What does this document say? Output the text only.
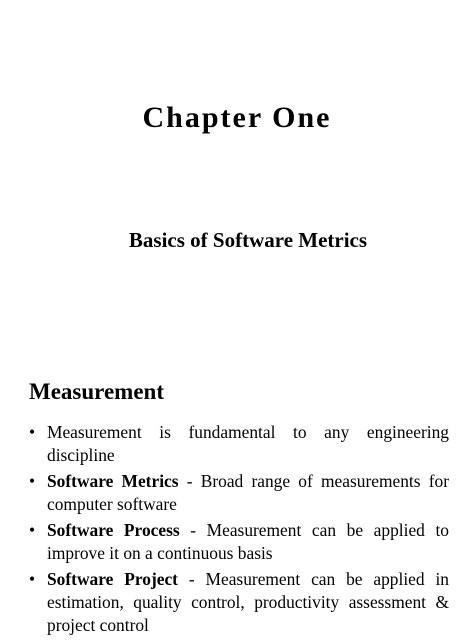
Chapter One
Basics of Software Metrics
Measurement
• Measurement is fundamental to any engineering discipline
• Software Metrics - Broad range of measurements for computer software
• Software Process - Measurement can be applied to improve it on a continuous basis
• Software Project - Measurement can be applied in estimation, quality control, productivity assessment & project control
